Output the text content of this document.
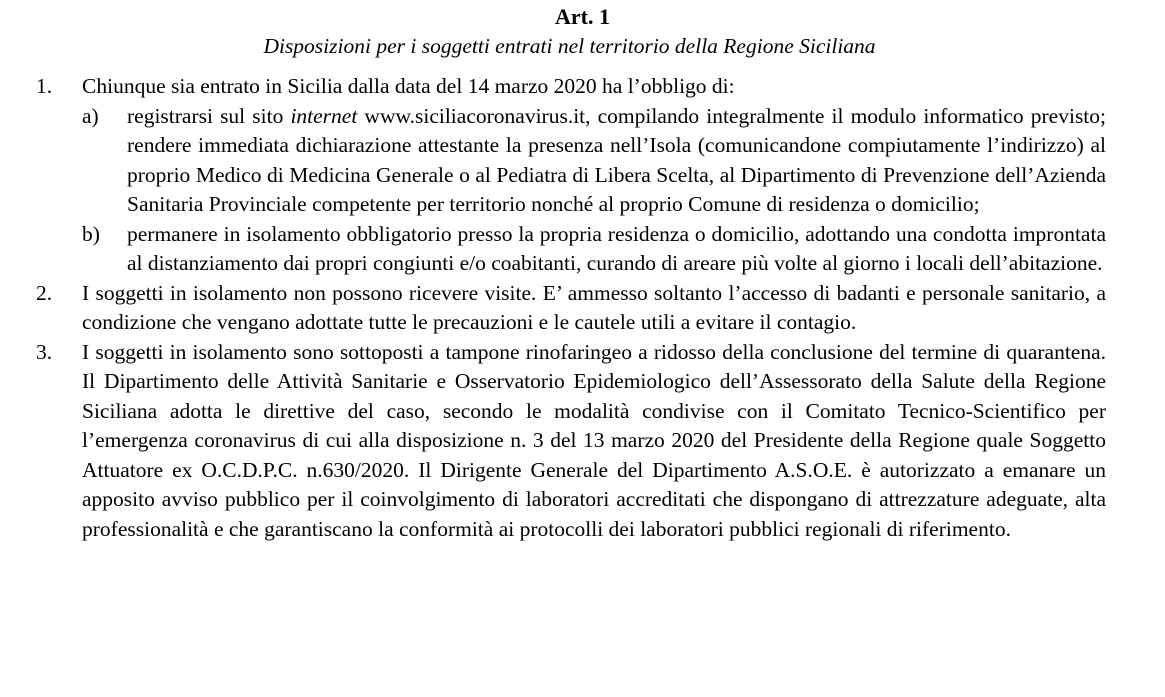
Art. 1
Disposizioni per i soggetti entrati nel territorio della Regione Siciliana
1. Chiunque sia entrato in Sicilia dalla data del 14 marzo 2020 ha l’obbligo di:
a) registrarsi sul sito internet www.siciliacoronavirus.it, compilando integralmente il modulo informatico previsto; rendere immediata dichiarazione attestante la presenza nell’Isola (comunicandone compiutamente l’indirizzo) al proprio Medico di Medicina Generale o al Pediatra di Libera Scelta, al Dipartimento di Prevenzione dell’Azienda Sanitaria Provinciale competente per territorio nonché al proprio Comune di residenza o domicilio;
b) permanere in isolamento obbligatorio presso la propria residenza o domicilio, adottando una condotta improntata al distanziamento dai propri congiunti e/o coabitanti, curando di areare più volte al giorno i locali dell’abitazione.
2. I soggetti in isolamento non possono ricevere visite. E’ ammesso soltanto l’accesso di badanti e personale sanitario, a condizione che vengano adottate tutte le precauzioni e le cautele utili a evitare il contagio.
3. I soggetti in isolamento sono sottoposti a tampone rinofaringeo a ridosso della conclusione del termine di quarantena. Il Dipartimento delle Attività Sanitarie e Osservatorio Epidemiologico dell’Assessorato della Salute della Regione Siciliana adotta le direttive del caso, secondo le modalità condivise con il Comitato Tecnico-Scientifico per l’emergenza coronavirus di cui alla disposizione n. 3 del 13 marzo 2020 del Presidente della Regione quale Soggetto Attuatore ex O.C.D.P.C. n.630/2020. Il Dirigente Generale del Dipartimento A.S.O.E. è autorizzato a emanare un apposito avviso pubblico per il coinvolgimento di laboratori accreditati che dispongano di attrezzature adeguate, alta professionalità e che garantiscano la conformità ai protocolli dei laboratori pubblici regionali di riferimento.
